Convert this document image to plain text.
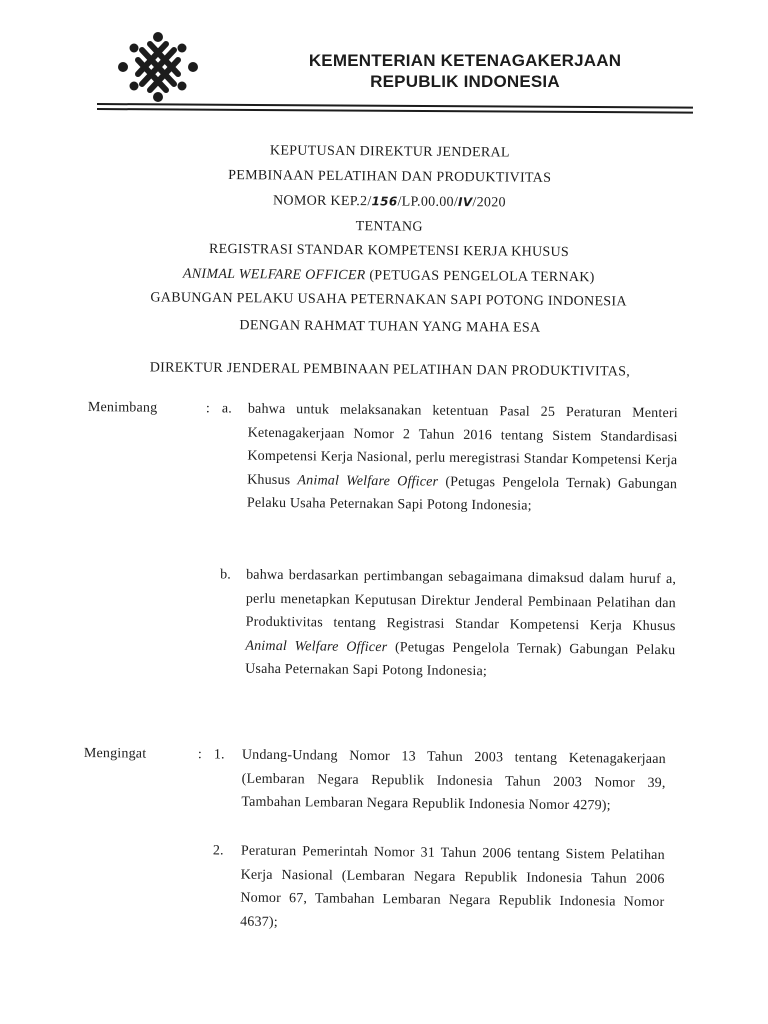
KEMENTERIAN KETENAGAKERJAAN
REPUBLIK INDONESIA
KEPUTUSAN DIREKTUR JENDERAL
PEMBINAAN PELATIHAN DAN PRODUKTIVITAS
NOMOR KEP.2/156/LP.00.00/IV/2020
TENTANG
REGISTRASI STANDAR KOMPETENSI KERJA KHUSUS
ANIMAL WELFARE OFFICER (PETUGAS PENGELOLA TERNAK)
GABUNGAN PELAKU USAHA PETERNAKAN SAPI POTONG INDONESIA
DENGAN RAHMAT TUHAN YANG MAHA ESA
DIREKTUR JENDERAL PEMBINAAN PELATIHAN DAN PRODUKTIVITAS,
Menimbang	: a. bahwa untuk melaksanakan ketentuan Pasal 25 Peraturan Menteri Ketenagakerjaan Nomor 2 Tahun 2016 tentang Sistem Standardisasi Kompetensi Kerja Nasional, perlu meregistrasi Standar Kompetensi Kerja Khusus Animal Welfare Officer (Petugas Pengelola Ternak) Gabungan Pelaku Usaha Peternakan Sapi Potong Indonesia;
b. bahwa berdasarkan pertimbangan sebagaimana dimaksud dalam huruf a, perlu menetapkan Keputusan Direktur Jenderal Pembinaan Pelatihan dan Produktivitas tentang Registrasi Standar Kompetensi Kerja Khusus Animal Welfare Officer (Petugas Pengelola Ternak) Gabungan Pelaku Usaha Peternakan Sapi Potong Indonesia;
Mengingat	: 1. Undang-Undang Nomor 13 Tahun 2003 tentang Ketenagakerjaan (Lembaran Negara Republik Indonesia Tahun 2003 Nomor 39, Tambahan Lembaran Negara Republik Indonesia Nomor 4279);
2. Peraturan Pemerintah Nomor 31 Tahun 2006 tentang Sistem Pelatihan Kerja Nasional (Lembaran Negara Republik Indonesia Tahun 2006 Nomor 67, Tambahan Lembaran Negara Republik Indonesia Nomor 4637);
